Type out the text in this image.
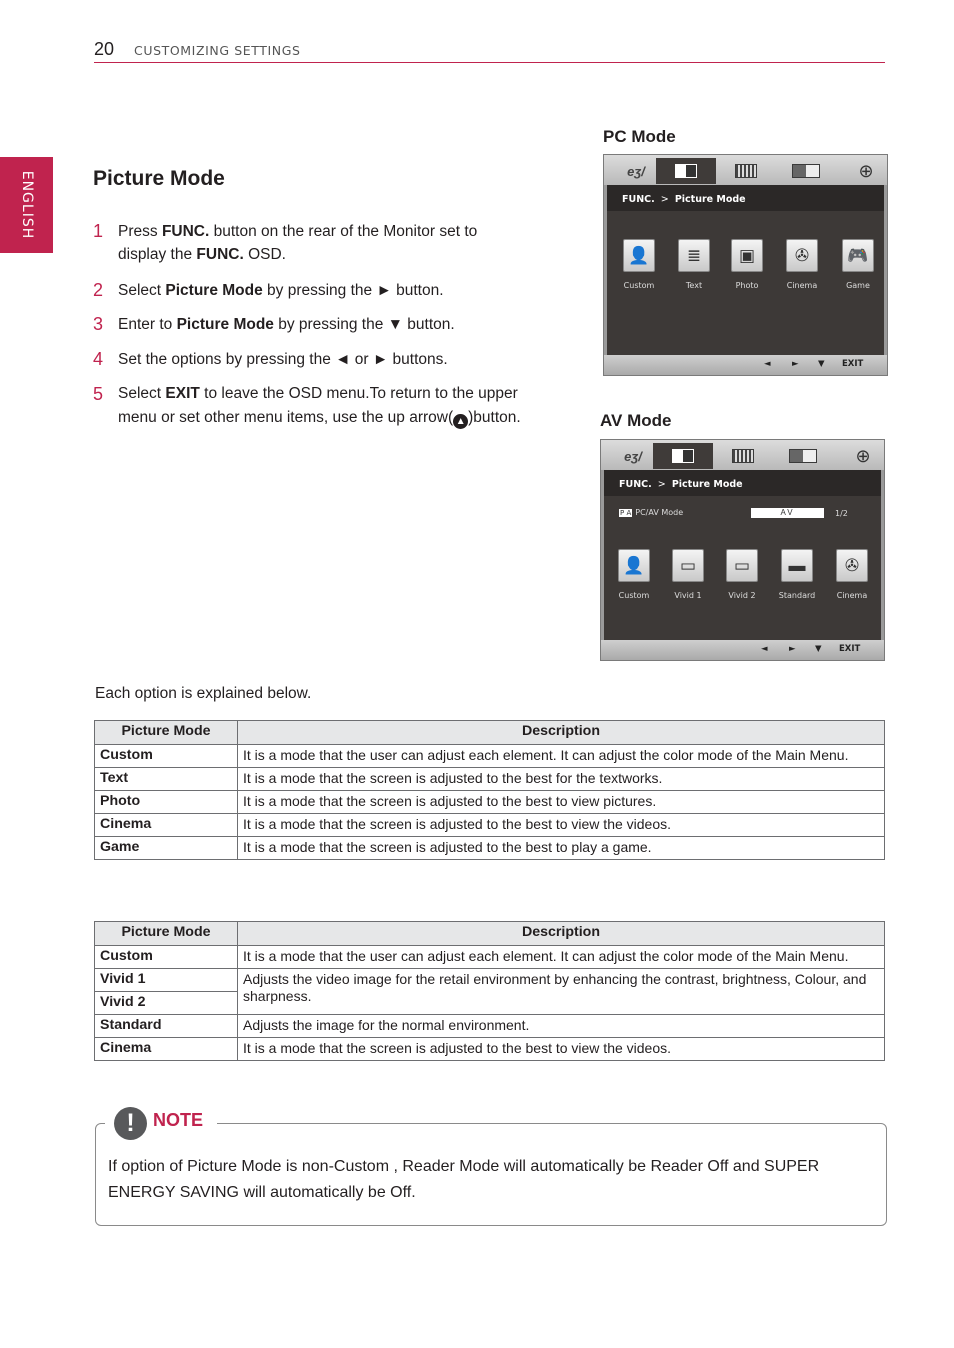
20 CUSTOMIZING SETTINGS
ENGLISH	Picture Mode
1 Press FUNC. button on the rear of the Monitor set to display the FUNC. OSD.
2 Select Picture Mode by pressing the ► button.
3 Enter to Picture Mode by pressing the ▼ button.
4 Set the options by pressing the ◄ or ► buttons.
5 Select EXIT to leave the OSD menu.To return to the upper menu or set other menu items, use the up arrow( ▲ )button.
PC Mode
eʒ/	⊕
FUNC. > Picture Mode
👤
Custom
≣
Text
▣
Photo
✇
Cinema
🎮
Game
◄	► ▼ EXIT
AV Mode
eʒ/	⊕
FUNC. > Picture Mode
P A PC/AV Mode	AV	1/2
👤
Custom
▭
Vivid 1
▭
Vivid 2
▬
Standard
✇
Cinema
◄	► ▼ EXIT
Each option is explained below.
Picture Mode	Description
Custom	It is a mode that the user can adjust each element. It can adjust the color mode of the Main Menu.
Text	It is a mode that the screen is adjusted to the best for the textworks.
Photo	It is a mode that the screen is adjusted to the best to view pictures.
Cinema	It is a mode that the screen is adjusted to the best to view the videos.
Game	It is a mode that the screen is adjusted to the best to play a game.
Picture Mode	Description
Custom	It is a mode that the user can adjust each element. It can adjust the color mode of the Main Menu.
Vivid 1	Adjusts the video image for the retail environment by enhancing the contrast, brightness, Colour, and sharpness.
Vivid 2	
Standard	Adjusts the image for the normal environment.
Cinema	It is a mode that the screen is adjusted to the best to view the videos.
!	NOTE
If option of Picture Mode is non-Custom , Reader Mode will automatically be Reader Off and SUPER ENERGY SAVING will automatically be Off.
